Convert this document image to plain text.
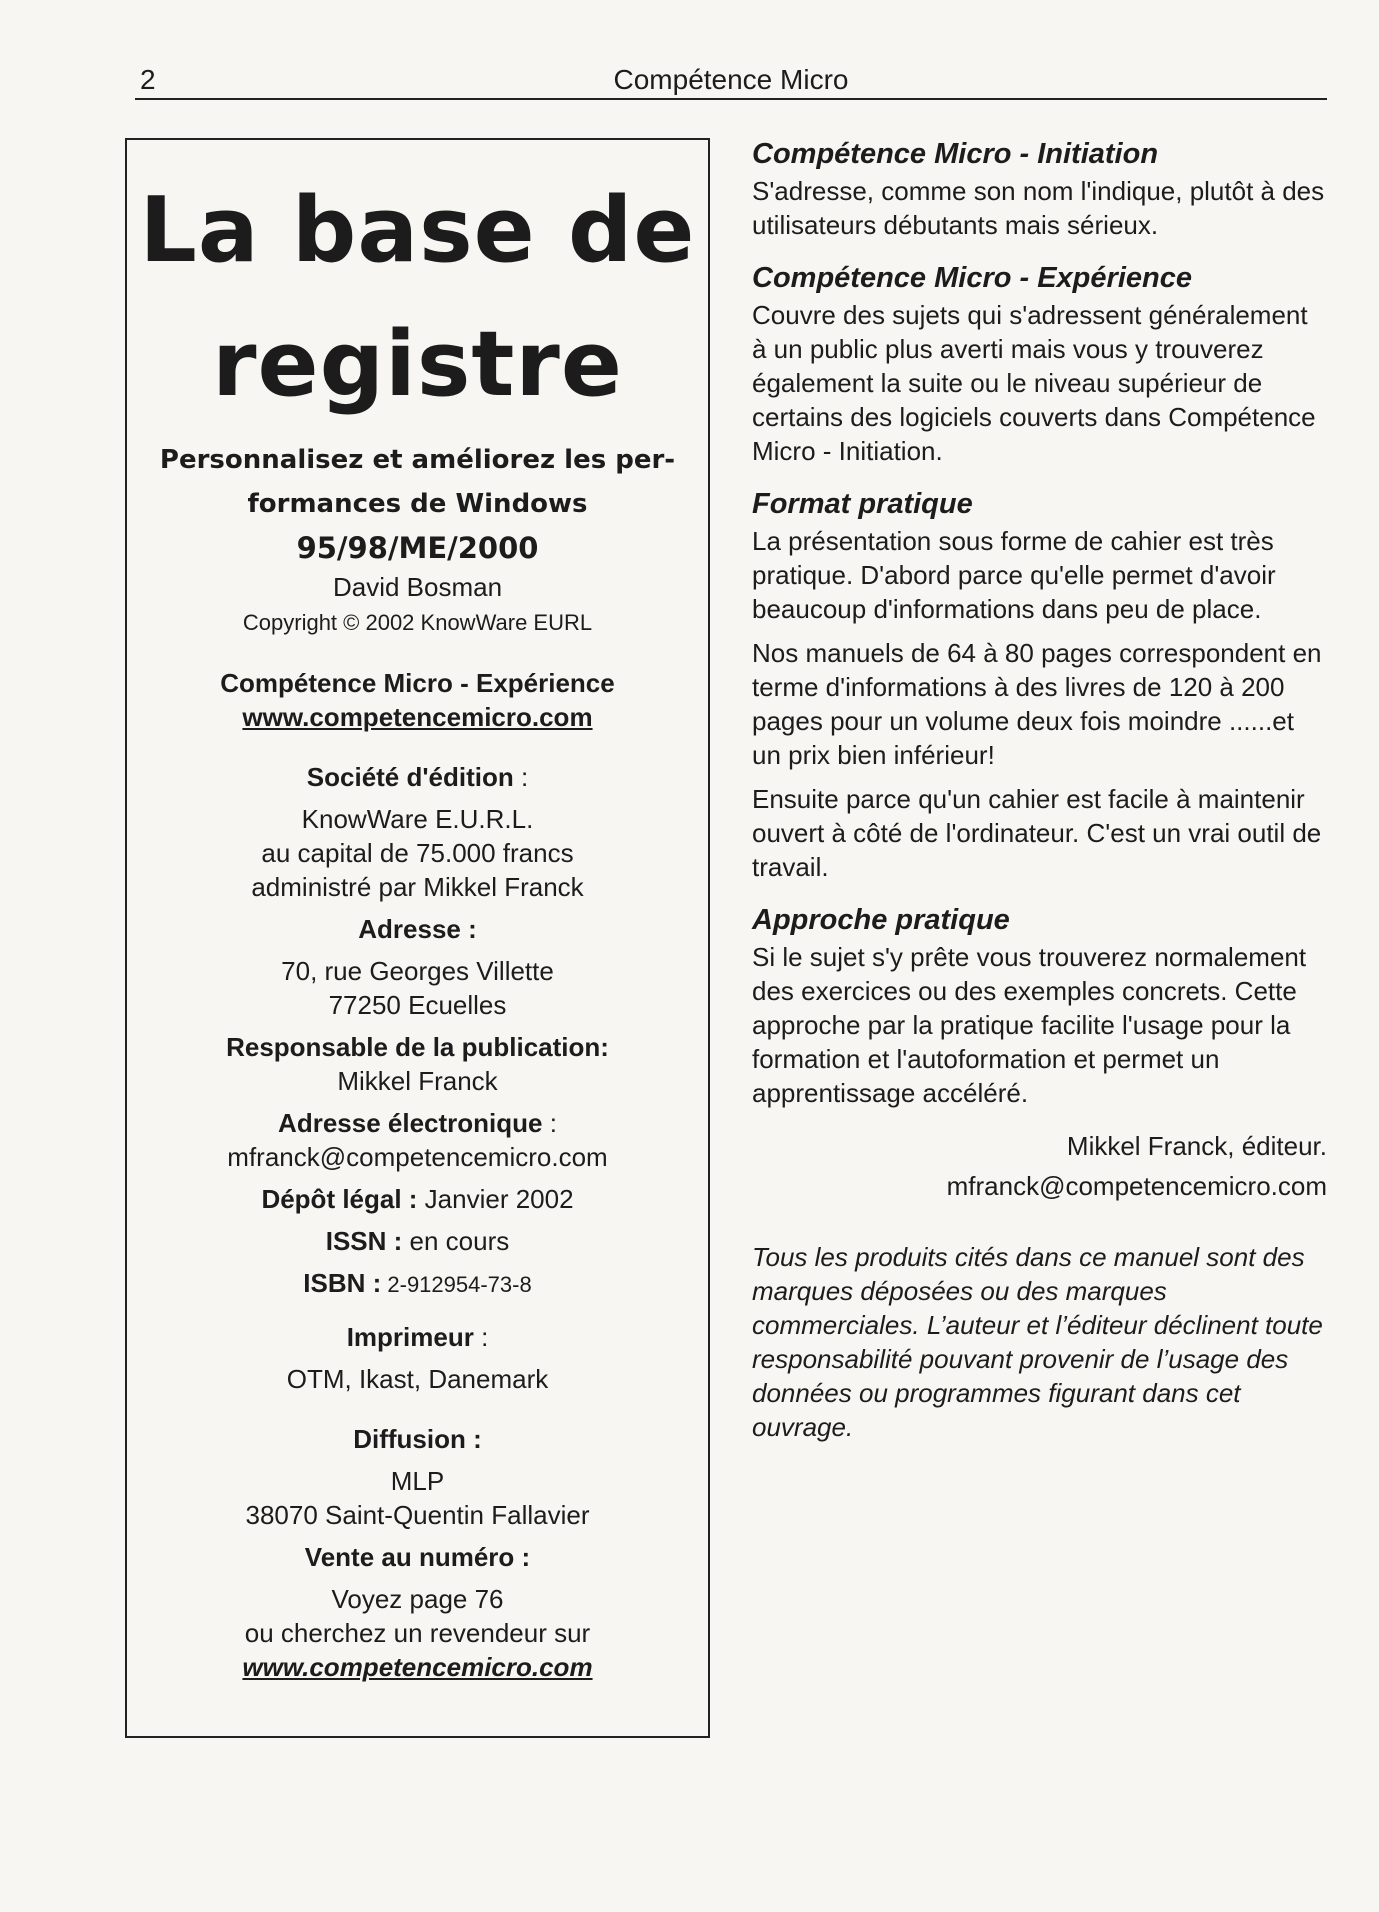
2	Compétence Micro
La base de
registre
Personnalisez et améliorez les per-
formances de Windows
95/98/ME/2000
David Bosman
Copyright © 2002 KnowWare EURL
Compétence Micro - Expérience
www.competencemicro.com
Société d'édition :
KnowWare E.U.R.L.
au capital de 75.000 francs
administré par Mikkel Franck
Adresse :
70, rue Georges Villette
77250 Ecuelles
Responsable de la publication:
Mikkel Franck
Adresse électronique :
mfranck@competencemicro.com
Dépôt légal : Janvier 2002
ISSN : en cours
ISBN : 2-912954-73-8
Imprimeur :
OTM, Ikast, Danemark
Diffusion :
MLP
38070 Saint-Quentin Fallavier
Vente au numéro :
Voyez page 76
ou cherchez un revendeur sur
www.competencemicro.com
Compétence Micro - Initiation

S'adresse, comme son nom l'indique, plutôt à des utilisateurs débutants mais sérieux.

Compétence Micro - Expérience

Couvre des sujets qui s'adressent généralement à un public plus averti mais vous y trouverez également la suite ou le niveau supérieur de certains des logiciels couverts dans Compétence Micro - Initiation.

Format pratique

La présentation sous forme de cahier est très pratique. D'abord parce qu'elle permet d'avoir beaucoup d'informations dans peu de place.

Nos manuels de 64 à 80 pages correspondent en terme d'informations à des livres de 120 à 200 pages pour un volume deux fois moindre ......et un prix bien inférieur!

Ensuite parce qu'un cahier est facile à maintenir ouvert à côté de l'ordinateur. C'est un vrai outil de travail.

Approche pratique

Si le sujet s'y prête vous trouverez normalement des exercices ou des exemples concrets. Cette approche par la pratique facilite l'usage pour la formation et l'autoformation et permet un apprentissage accéléré.

Mikkel Franck, éditeur.
mfranck@competencemicro.com
Tous les produits cités dans ce manuel sont des marques déposées ou des marques commerciales. L’auteur et l’éditeur déclinent toute responsabilité pouvant provenir de l’usage des données ou programmes figurant dans cet ouvrage.
